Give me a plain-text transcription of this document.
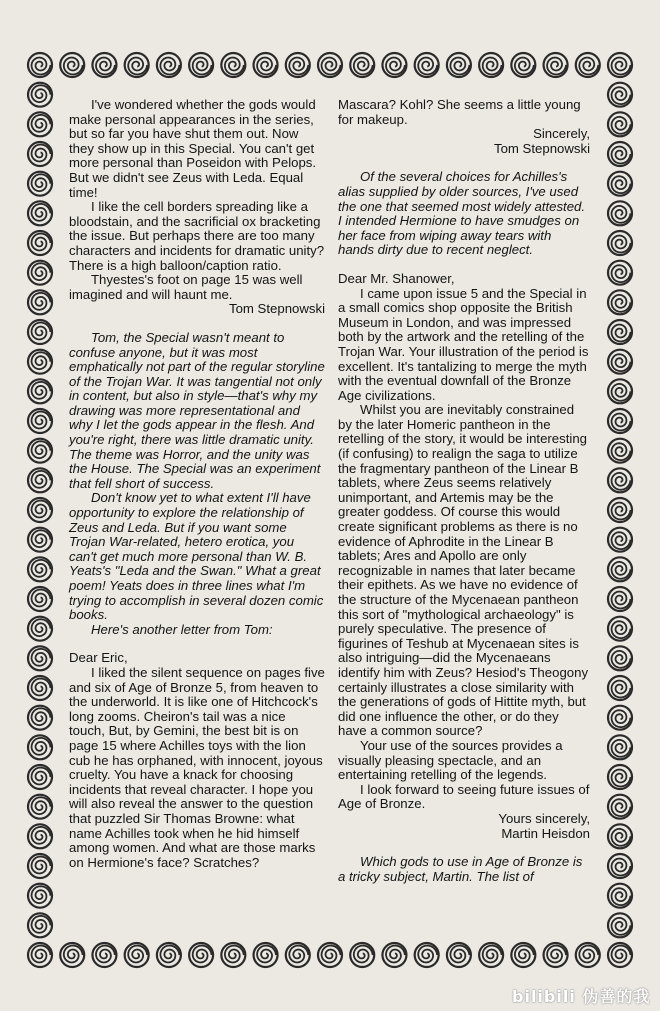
I've wondered whether the gods would make personal appearances in the series, but so far you have shut them out. Now they show up in this Special. You can't get more personal than Poseidon with Pelops. But we didn't see Zeus with Leda. Equal time!

I like the cell borders spreading like a bloodstain, and the sacrificial ox bracketing the issue. But perhaps there are too many characters and incidents for dramatic unity? There is a high balloon/caption ratio.

Thyestes's foot on page 15 was well imagined and will haunt me.

Tom Stepnowski

Tom, the Special wasn't meant to confuse anyone, but it was most emphatically not part of the regular storyline of the Trojan War. It was tangential not only in content, but also in style—that's why my drawing was more representational and why I let the gods appear in the flesh. And you're right, there was little dramatic unity. The theme was Horror, and the unity was the House. The Special was an experiment that fell short of success.

Don't know yet to what extent I'll have opportunity to explore the relationship of Zeus and Leda. But if you want some Trojan War-related, hetero erotica, you can't get much more personal than W. B. Yeats's "Leda and the Swan." What a great poem! Yeats does in three lines what I'm trying to accomplish in several dozen comic books.

Here's another letter from Tom:

Dear Eric,

I liked the silent sequence on pages five and six of Age of Bronze 5, from heaven to the underworld. It is like one of Hitchcock's long zooms. Cheiron's tail was a nice touch, But, by Gemini, the best bit is on page 15 where Achilles toys with the lion cub he has orphaned, with innocent, joyous cruelty. You have a knack for choosing incidents that reveal character. I hope you will also reveal the answer to the question that puzzled Sir Thomas Browne: what name Achilles took when he hid himself among women. And what are those marks on Hermione's face? Scratches?

Mascara? Kohl? She seems a little young for makeup.

Sincerely,

Tom Stepnowski

Of the several choices for Achilles's alias supplied by older sources, I've used the one that seemed most widely attested. I intended Hermione to have smudges on her face from wiping away tears with hands dirty due to recent neglect.

Dear Mr. Shanower,

I came upon issue 5 and the Special in a small comics shop opposite the British Museum in London, and was impressed both by the artwork and the retelling of the Trojan War. Your illustration of the period is excellent. It's tantalizing to merge the myth with the eventual downfall of the Bronze Age civilizations.

Whilst you are inevitably constrained by the later Homeric pantheon in the retelling of the story, it would be interesting (if confusing) to realign the saga to utilize the fragmentary pantheon of the Linear B tablets, where Zeus seems relatively unimportant, and Artemis may be the greater goddess. Of course this would create significant problems as there is no evidence of Aphrodite in the Linear B tablets; Ares and Apollo are only recognizable in names that later became their epithets. As we have no evidence of the structure of the Mycenaean pantheon this sort of "mythological archaeology" is purely speculative. The presence of figurines of Teshub at Mycenaean sites is also intriguing—did the Mycenaeans identify him with Zeus? Hesiod's Theogony certainly illustrates a close similarity with the generations of gods of Hittite myth, but did one influence the other, or do they have a common source?

Your use of the sources provides a visually pleasing spectacle, and an entertaining retelling of the legends.

I look forward to seeing future issues of Age of Bronze.

Yours sincerely,

Martin Heisdon

Which gods to use in Age of Bronze is a tricky subject, Martin. The list of

bilibili 伪善的我
